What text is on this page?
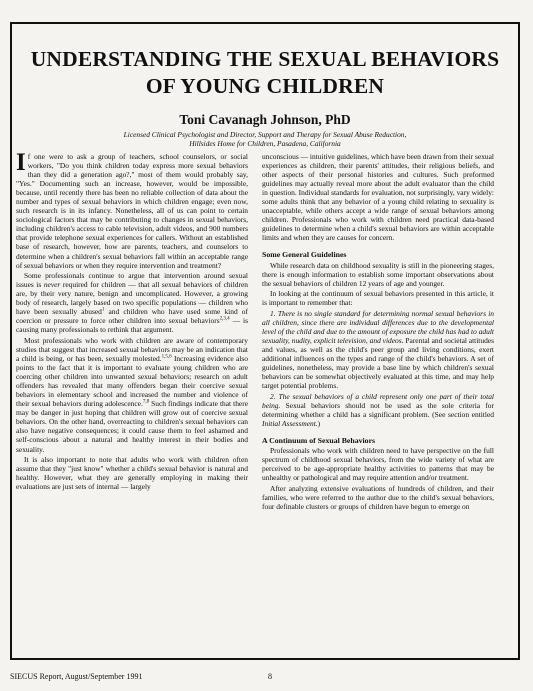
UNDERSTANDING THE SEXUAL BEHAVIORS
OF YOUNG CHILDREN
Toni Cavanagh Johnson, PhD
Licensed Clinical Psychologist and Director, Support and Therapy for Sexual Abuse Reduction,
Hillsides Home for Children, Pasadena, California

If one were to ask a group of teachers, school counselors, or social workers, "Do you think children today express more sexual behaviors than they did a generation ago?," most of them would probably say, "Yes." Documenting such an increase, however, would be impossible, because, until recently there has been no reliable collection of data about the number and types of sexual behaviors in which children engage; even now, such research is in its infancy. Nonetheless, all of us can point to certain sociological factors that may be contributing to changes in sexual behaviors, including children's access to cable television, adult videos, and 900 numbers that provide telephone sexual experiences for callers. Without an established base of research, however, how are parents, teachers, and counselors to determine when a children's sexual behaviors fall within an acceptable range of sexual behaviors or when they require intervention and treatment?

Some professionals continue to argue that intervention around sexual issues is never required for children — that all sexual behaviors of children are, by their very nature, benign and uncomplicated. However, a growing body of research, largely based on two specific populations — children who have been sexually abused$^1$ and children who have used some kind of coercion or pressure to force other children into sexual behaviors$^{2,3,4}$ — is causing many professionals to rethink that argument.

Most professionals who work with children are aware of contemporary studies that suggest that increased sexual behaviors may be an indication that a child is being, or has been, sexually molested.$^{1,5,6}$ Increasing evidence also points to the fact that it is important to evaluate young children who are coercing other children into unwanted sexual behaviors; research on adult offenders has revealed that many offenders began their coercive sexual behaviors in elementary school and increased the number and violence of their sexual behaviors during adolescence.$^{7,8}$ Such findings indicate that there may be danger in just hoping that children will grow out of coercive sexual behaviors. On the other hand, overreacting to children's sexual behaviors can also have negative consequences; it could cause them to feel ashamed and self-conscious about a natural and healthy interest in their bodies and sexuality.

It is also important to note that adults who work with children often assume that they "just know" whether a child's sexual behavior is natural and healthy. However, what they are generally employing in making their evaluations are just sets of internal — largely

unconscious — intuitive guidelines, which have been drawn from their sexual experiences as children, their parents' attitudes, their religious beliefs, and other aspects of their personal histories and cultures. Such preformed guidelines may actually reveal more about the adult evaluator than the child in question. Individual standards for evaluation, not surprisingly, vary widely: some adults think that any behavior of a young child relating to sexuality is unacceptable, while others accept a wide range of sexual behaviors among children. Professionals who work with children need practical data-based guidelines to determine when a child's sexual behaviors are within acceptable limits and when they are causes for concern.

Some General Guidelines

While research data on childhood sexuality is still in the pioneering stages, there is enough information to establish some important observations about the sexual behaviors of children 12 years of age and younger.

In looking at the continuum of sexual behaviors presented in this article, it is important to remember that:

1. There is no single standard for determining normal sexual behaviors in all children, since there are individual differences due to the developmental level of the child and due to the amount of exposure the child has had to adult sexuality, nudity, explicit television, and videos. Parental and societal attitudes and values, as well as the child's peer group and living conditions, exert additional influences on the types and range of the child's behaviors. A set of guidelines, nonetheless, may provide a base line by which children's sexual behaviors can be somewhat objectively evaluated at this time, and may help target potential problems.

2. The sexual behaviors of a child represent only one part of their total being. Sexual behaviors should not be used as the sole criteria for determining whether a child has a significant problem. (See section entitled Initial Assessment.)

A Continuum of Sexual Behaviors

Professionals who work with children need to have perspective on the full spectrum of childhood sexual behaviors, from the wide variety of what are perceived to be age-appropriate healthy activities to patterns that may be unhealthy or pathological and may require attention and/or treatment.

After analyzing extensive evaluations of hundreds of children, and their families, who were referred to the author due to the child's sexual behaviors, four definable clusters or groups of children have begun to emerge on

SIECUS Report, August/September 1991	8
